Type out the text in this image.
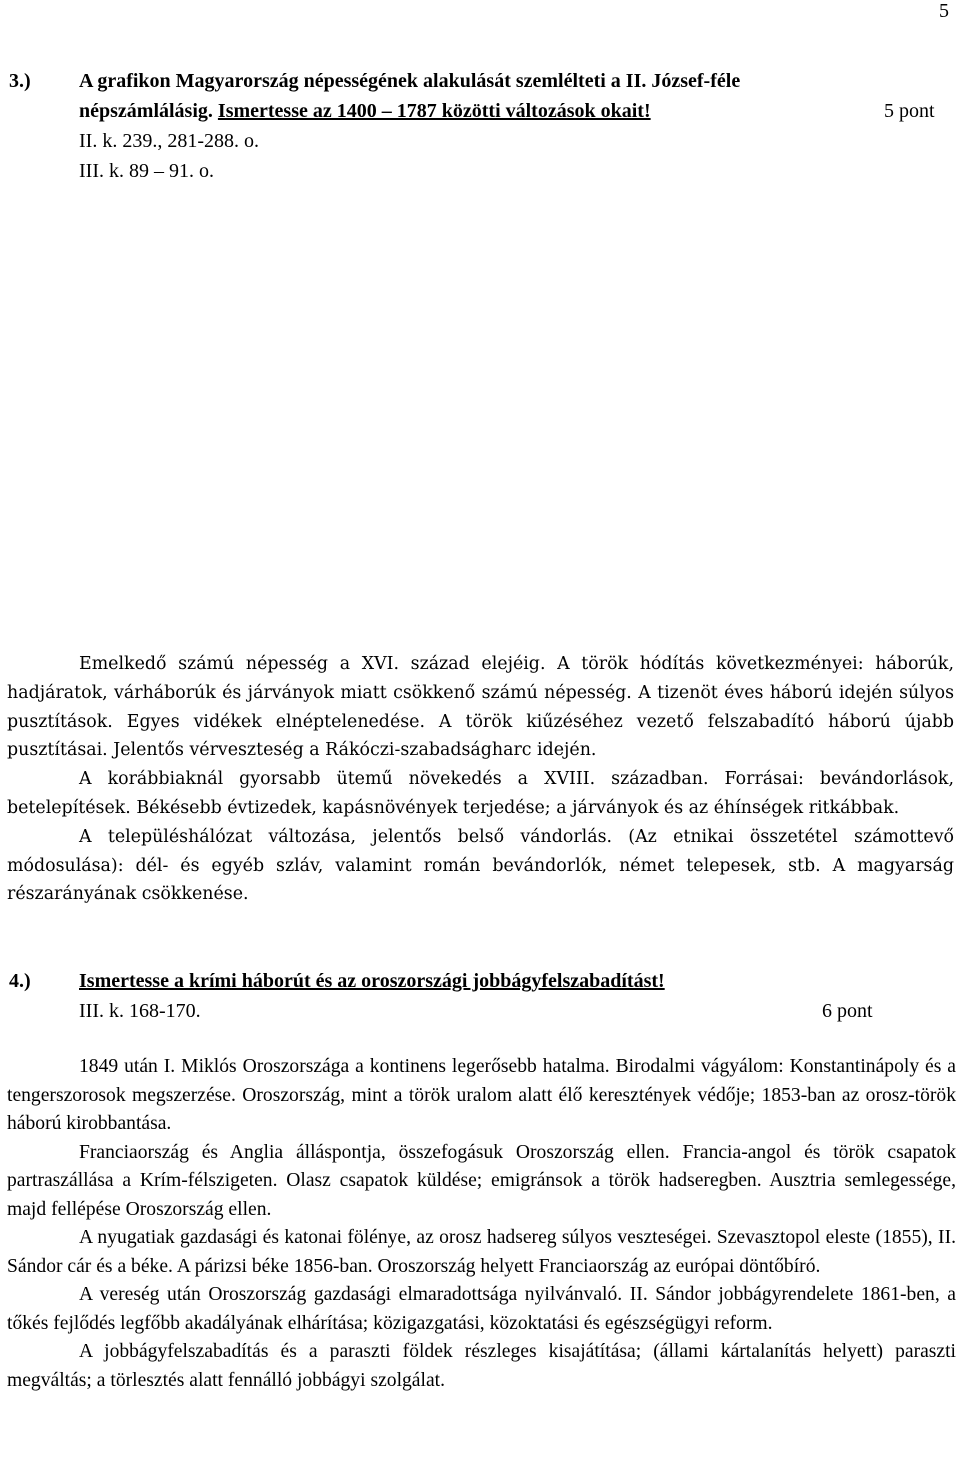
5
3.) A grafikon Magyarország népességének alakulását szemlélteti a II. József-féle
népszámlálásig. Ismertesse az 1400 – 1787 közötti változások okait!
II. k. 239., 281-288. o.
III. k. 89 – 91. o.
5 pont

Emelkedő számú népesség a XVI. század elejéig. A török hódítás következményei: háborúk, hadjáratok, várháborúk és járványok miatt csökkenő számú népesség. A tizenöt éves háború idején súlyos pusztítások. Egyes vidékek elnéptelenedése. A török kiűzéséhez vezető felszabadító háború újabb pusztításai. Jelentős vérveszteség a Rákóczi-szabadságharc idején.

A korábbiaknál gyorsabb ütemű növekedés a XVIII. században. Forrásai: bevándorlások, betelepítések. Békésebb évtizedek, kapásnövények terjedése; a járványok és az éhínségek ritkábbak.

A településhálózat változása, jelentős belső vándorlás. (Az etnikai összetétel számottevő módosulása): dél- és egyéb szláv, valamint román bevándorlók, német telepesek, stb. A magyarság részarányának csökkenése.

4.) Ismertesse a krími háborút és az oroszországi jobbágyfelszabadítást!
III. k. 168-170.	6 pont

1849 után I. Miklós Oroszországa a kontinens legerősebb hatalma. Birodalmi vágyálom: Konstantinápoly és a tengerszorosok megszerzése. Oroszország, mint a török uralom alatt élő keresztények védője; 1853-ban az orosz-török háború kirobbantása.

Franciaország és Anglia álláspontja, összefogásuk Oroszország ellen. Francia-angol és török csapatok partraszállása a Krím-félszigeten. Olasz csapatok küldése; emigránsok a török hadseregben. Ausztria semlegessége, majd fellépése Oroszország ellen.

A nyugatiak gazdasági és katonai fölénye, az orosz hadsereg súlyos veszteségei. Szevasztopol eleste (1855), II. Sándor cár és a béke. A párizsi béke 1856-ban. Oroszország helyett Franciaország az európai döntőbíró.

A vereség után Oroszország gazdasági elmaradottsága nyilvánvaló. II. Sándor jobbágyrendelete 1861-ben, a tőkés fejlődés legfőbb akadályának elhárítása; közigazgatási, közoktatási és egészségügyi reform.

A jobbágyfelszabadítás és a paraszti földek részleges kisajátítása; (állami kártalanítás helyett) paraszti megváltás; a törlesztés alatt fennálló jobbágyi szolgálat.
